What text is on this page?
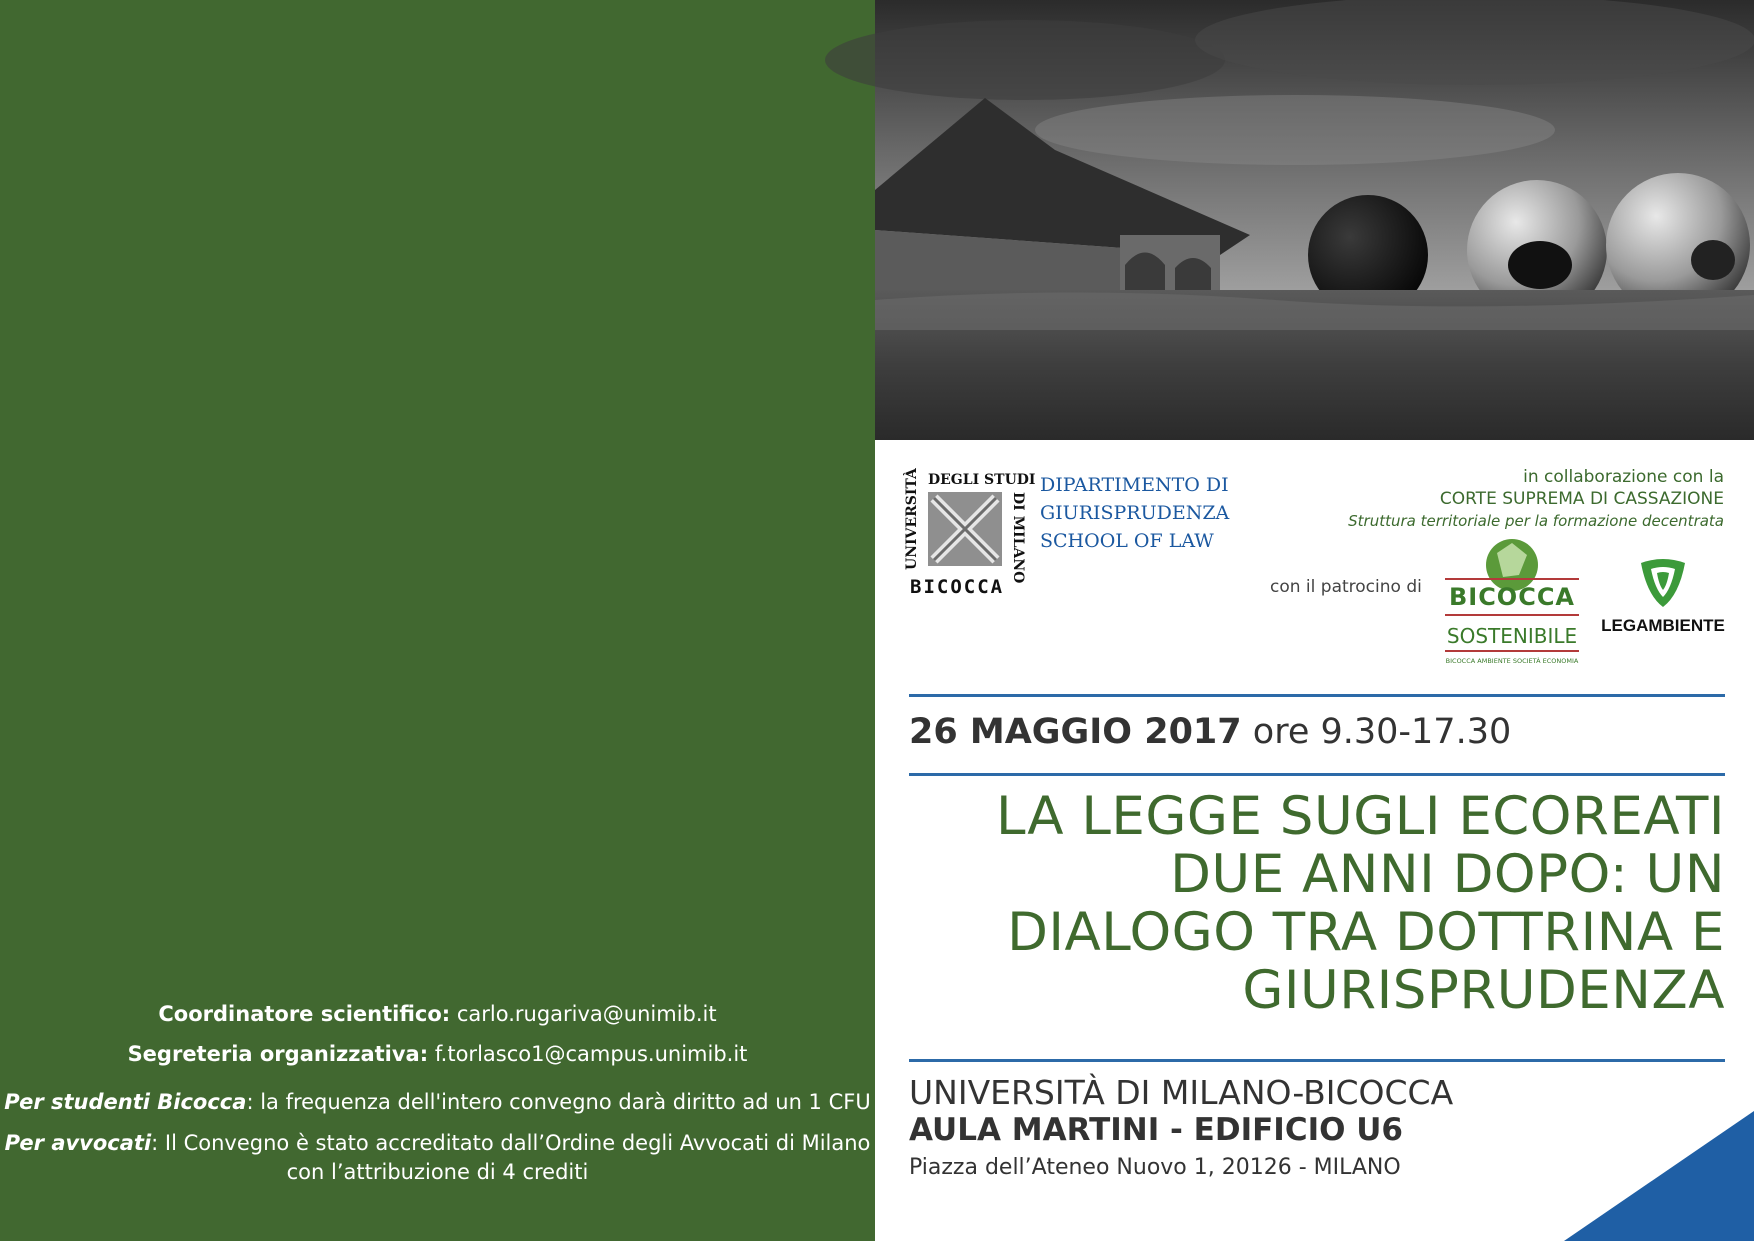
Coordinatore scientifico: carlo.rugariva@unimib.it
Segreteria organizzativa: f.torlasco1@campus.unimib.it
Per studenti Bicocca: la frequenza dell'intero convegno darà diritto ad un 1 CFU
Per avvocati: Il Convegno è stato accreditato dall’Ordine degli Avvocati di Milano
con l’attribuzione di 4 crediti
UNIVERSITÀ DEGLI STUDI
DI MILANO
BICOCCA
DIPARTIMENTO DI
GIURISPRUDENZA
SCHOOL OF LAW
in collaborazione con la
CORTE SUPREMA DI CASSAZIONE
Struttura territoriale per la formazione decentrata
con il patrocino di BICOCCA
SOSTENIBILE
BICOCCA AMBIENTE SOCIETÀ ECONOMIA
LEGAMBIENTE
26 MAGGIO 2017 ore 9.30-17.30
LA LEGGE SUGLI ECOREATI
DUE ANNI DOPO: UN
DIALOGO TRA DOTTRINA E
GIURISPRUDENZA
UNIVERSITÀ DI MILANO-BICOCCA
AULA MARTINI - EDIFICIO U6
Piazza dell’Ateneo Nuovo 1, 20126 - MILANO
